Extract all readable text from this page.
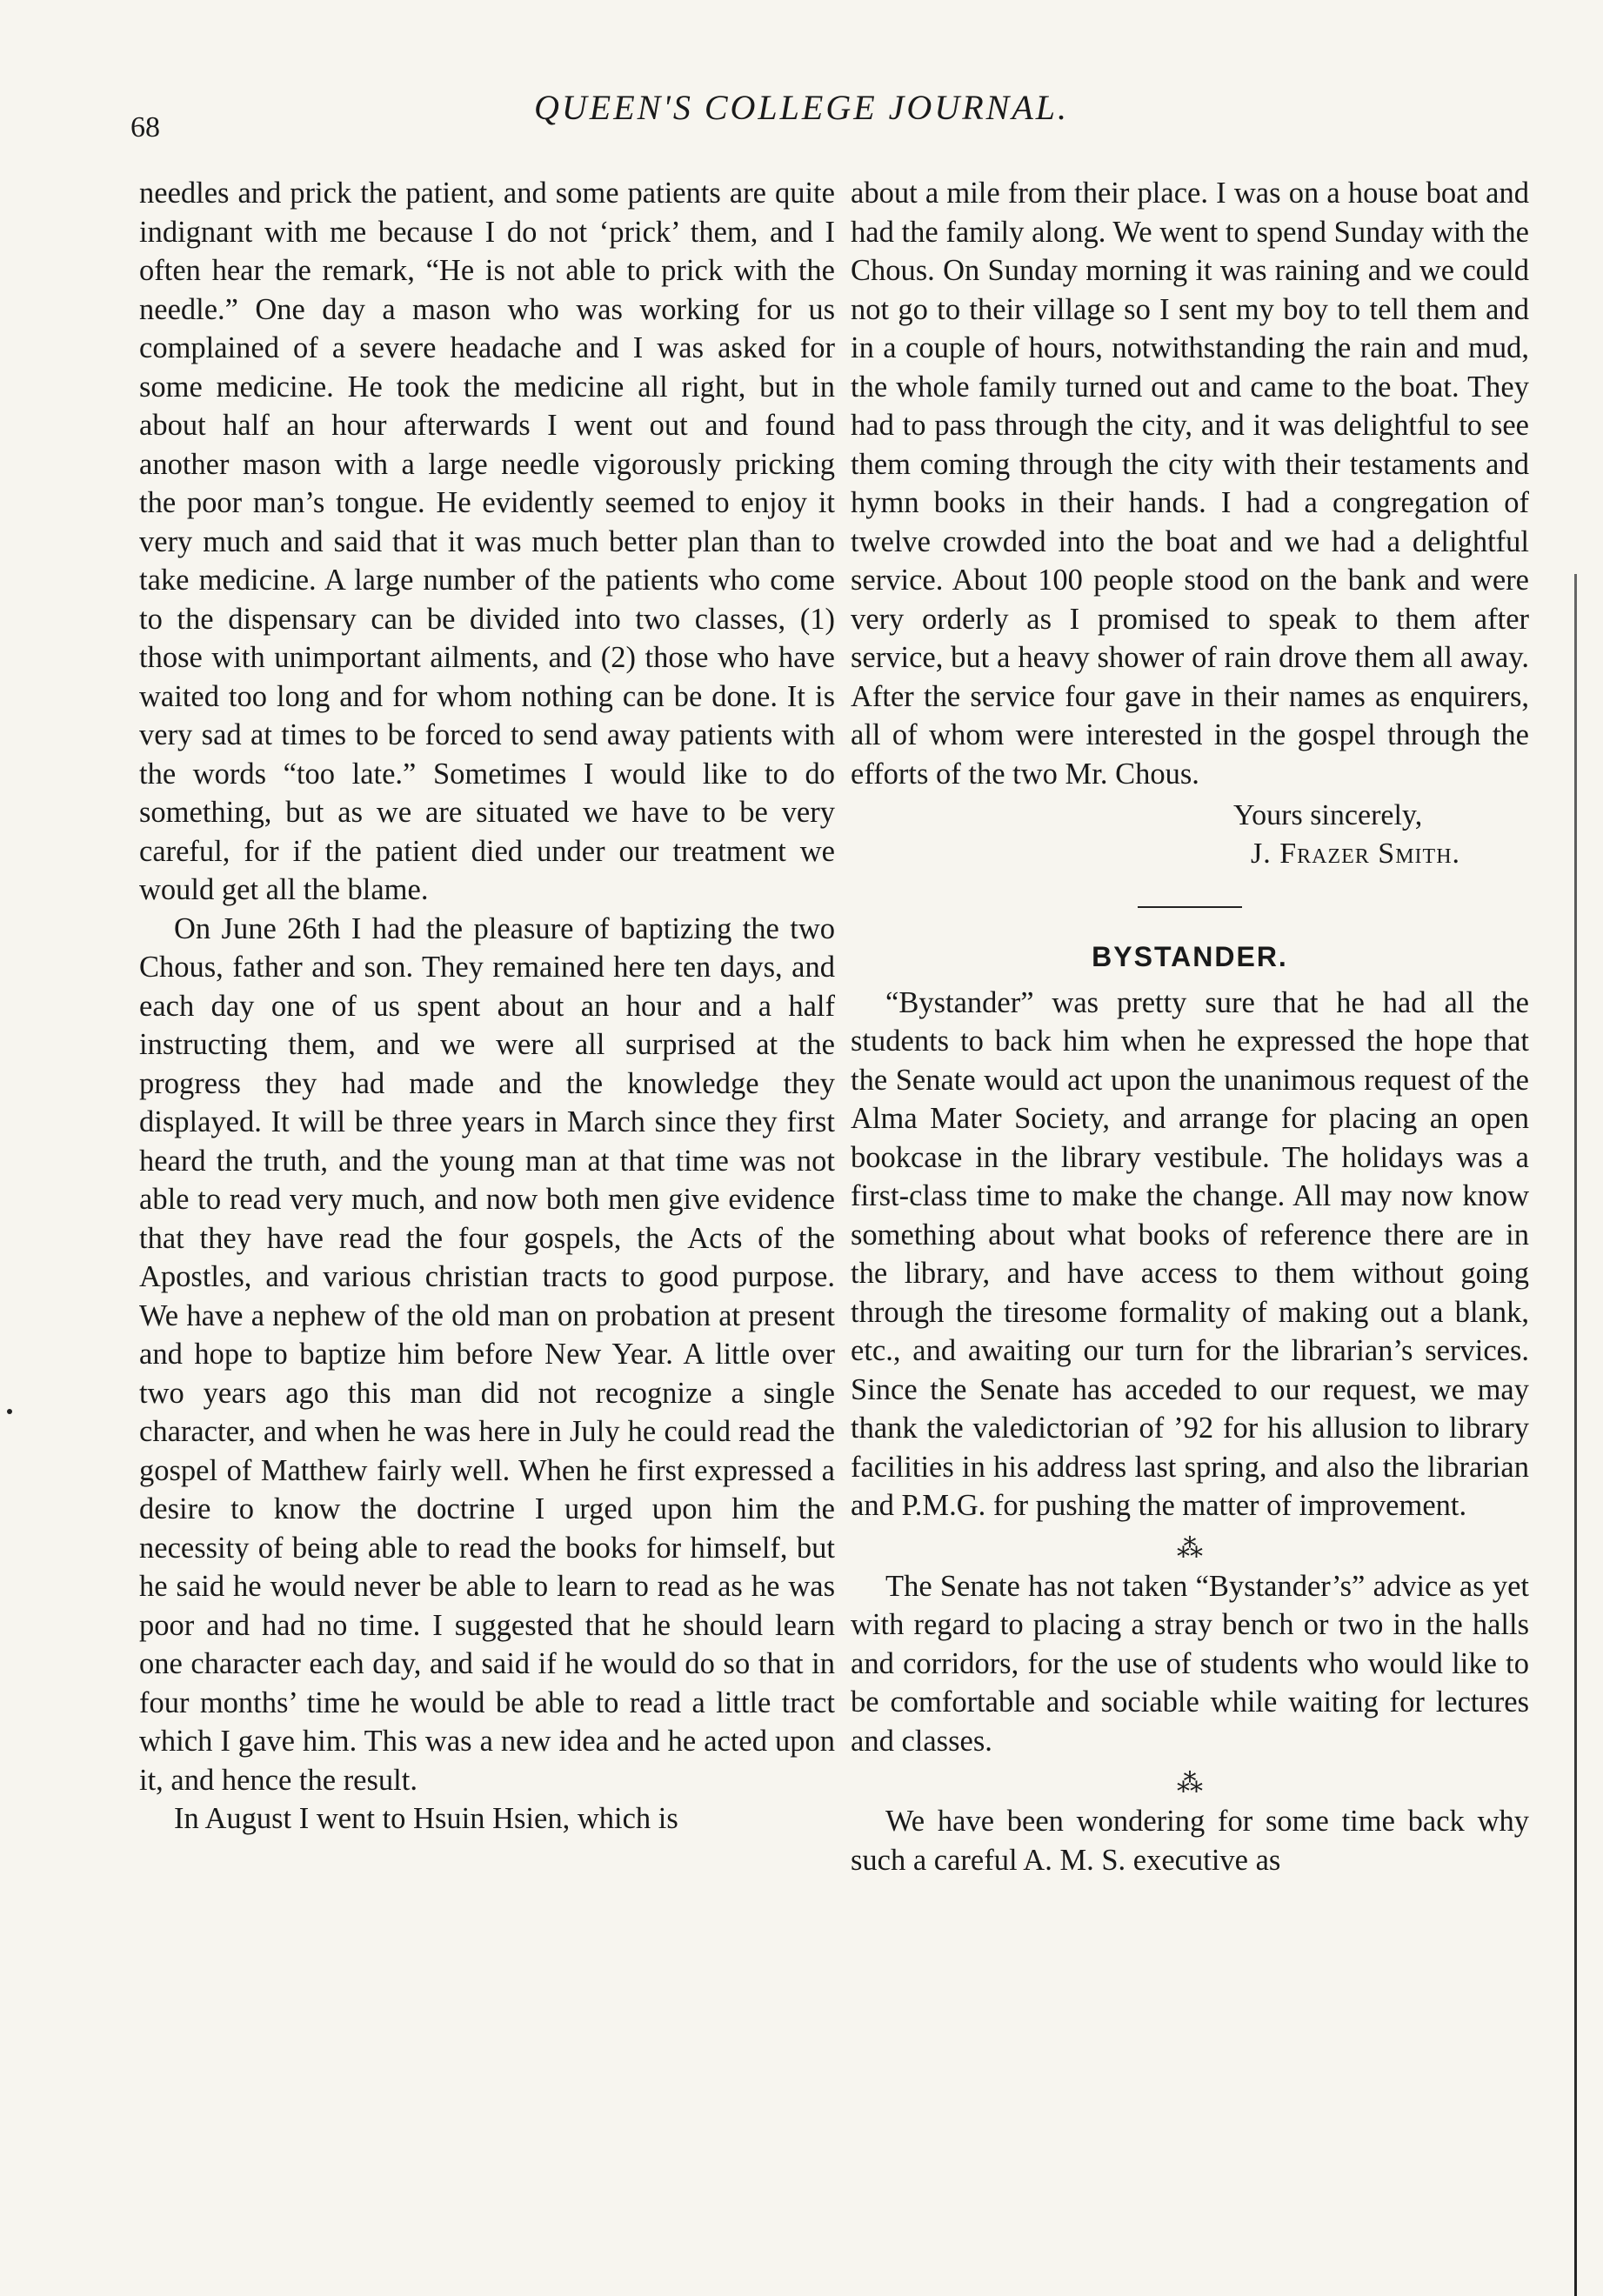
68
QUEEN'S COLLEGE JOURNAL.

needles and prick the patient, and some patients are quite indignant with me because I do not ‘prick’ them, and I often hear the remark, “He is not able to prick with the needle.” One day a mason who was working for us complained of a severe headache and I was asked for some medicine. He took the medicine all right, but in about half an hour afterwards I went out and found another mason with a large needle vigorously pricking the poor man’s tongue. He evidently seemed to enjoy it very much and said that it was much better plan than to take medicine. A large number of the patients who come to the dispensary can be divided into two classes, (1) those with unimportant ailments, and (2) those who have waited too long and for whom nothing can be done. It is very sad at times to be forced to send away patients with the words “too late.” Sometimes I would like to do something, but as we are situated we have to be very careful, for if the patient died under our treatment we would get all the blame.

On June 26th I had the pleasure of baptizing the two Chous, father and son. They remained here ten days, and each day one of us spent about an hour and a half instructing them, and we were all surprised at the progress they had made and the knowledge they displayed. It will be three years in March since they first heard the truth, and the young man at that time was not able to read very much, and now both men give evidence that they have read the four gospels, the Acts of the Apostles, and various christian tracts to good purpose. We have a nephew of the old man on probation at present and hope to baptize him before New Year. A little over two years ago this man did not recognize a single character, and when he was here in July he could read the gospel of Matthew fairly well. When he first expressed a desire to know the doctrine I urged upon him the necessity of being able to read the books for himself, but he said he would never be able to learn to read as he was poor and had no time. I suggested that he should learn one character each day, and said if he would do so that in four months’ time he would be able to read a little tract which I gave him. This was a new idea and he acted upon it, and hence the result.

In August I went to Hsuin Hsien, which is

about a mile from their place. I was on a house boat and had the family along. We went to spend Sunday with the Chous. On Sunday morning it was raining and we could not go to their village so I sent my boy to tell them and in a couple of hours, notwithstanding the rain and mud, the whole family turned out and came to the boat. They had to pass through the city, and it was delightful to see them coming through the city with their testaments and hymn books in their hands. I had a congregation of twelve crowded into the boat and we had a delightful service. About 100 people stood on the bank and were very orderly as I promised to speak to them after service, but a heavy shower of rain drove them all away. After the service four gave in their names as enquirers, all of whom were interested in the gospel through the efforts of the two Mr. Chous.

Yours sincerely,
J. Frazer Smith.
BYSTANDER.

“Bystander” was pretty sure that he had all the students to back him when he expressed the hope that the Senate would act upon the unanimous request of the Alma Mater Society, and arrange for placing an open bookcase in the library vestibule. The holidays was a first-class time to make the change. All may now know something about what books of reference there are in the library, and have access to them without going through the tiresome formality of making out a blank, etc., and awaiting our turn for the librarian’s services. Since the Senate has acceded to our request, we may thank the valedictorian of ’92 for his allusion to library facilities in his address last spring, and also the librarian and P.M.G. for pushing the matter of improvement.

⁂

The Senate has not taken “Bystander’s” advice as yet with regard to placing a stray bench or two in the halls and corridors, for the use of students who would like to be comfortable and sociable while waiting for lectures and classes.

⁂

We have been wondering for some time back why such a careful A. M. S. executive as
